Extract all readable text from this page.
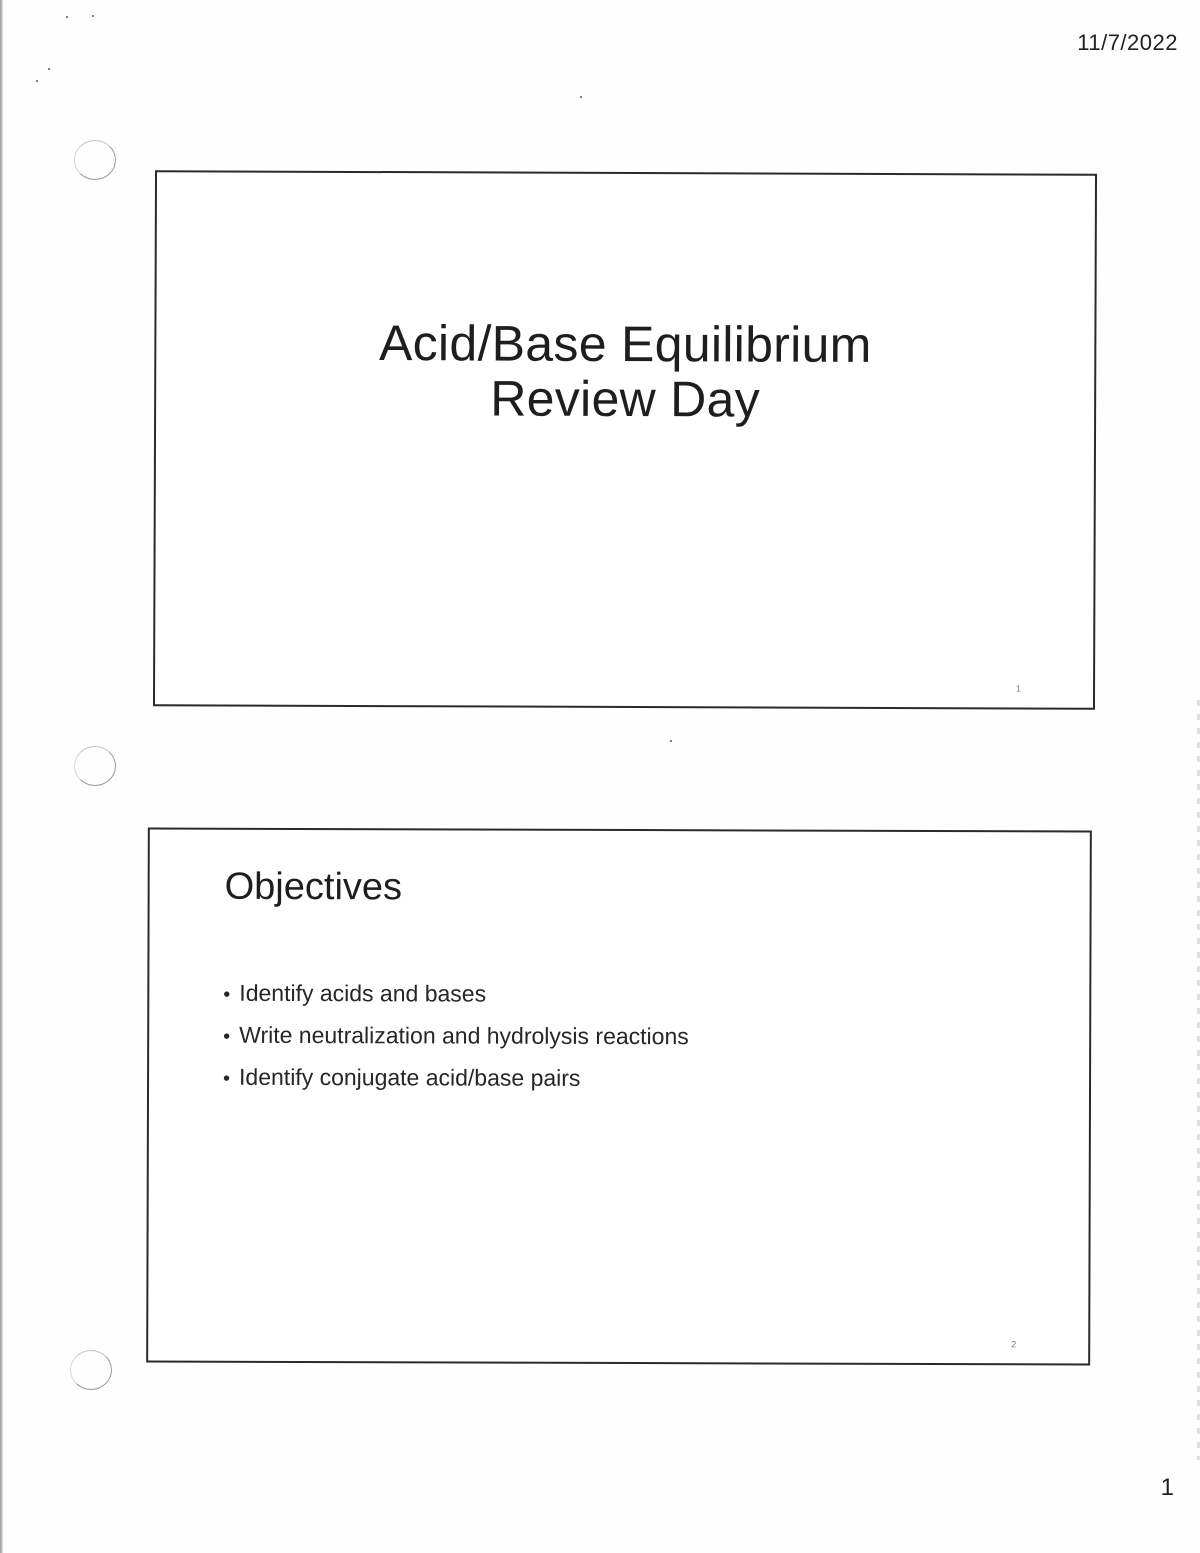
11/7/2022
Acid/Base Equilibrium
Review Day
1
Objectives
• Identify acids and bases
• Write neutralization and hydrolysis reactions
• Identify conjugate acid/base pairs
2
1
